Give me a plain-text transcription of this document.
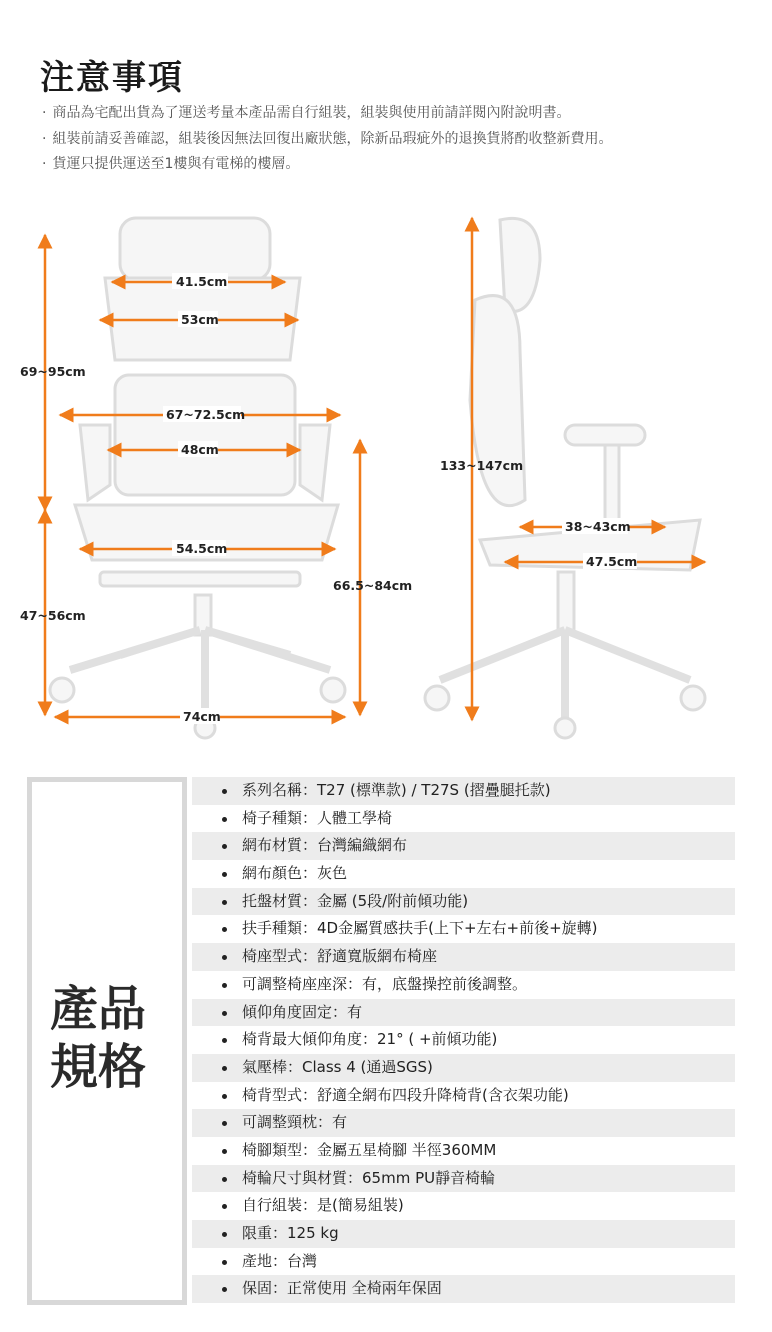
注意事項
· 商品為宅配出貨為了運送考量本產品需自行組裝，組裝與使用前請詳閱內附說明書。
· 組裝前請妥善確認，組裝後因無法回復出廠狀態，除新品瑕疵外的退換貨將酌收整新費用。
· 貨運只提供運送至1樓與有電梯的樓層。
41.5cm
53cm
69~95cm
67~72.5cm
48cm
54.5cm
47~56cm
66.5~84cm
74cm
133~147cm
38~43cm
47.5cm
產品規格
系列名稱：T27 (標準款) / T27S (摺疊腿托款)
椅子種類：人體工學椅
網布材質：台灣編織網布
網布顏色：灰色
托盤材質：金屬 (5段/附前傾功能)
扶手種類：4D金屬質感扶手(上下+左右+前後+旋轉)
椅座型式：舒適寬版網布椅座
可調整椅座座深：有，底盤操控前後調整。
傾仰角度固定：有
椅背最大傾仰角度：21° ( +前傾功能)
氣壓棒：Class 4 (通過SGS)
椅背型式：舒適全網布四段升降椅背(含衣架功能)
可調整頸枕：有
椅腳類型：金屬五星椅腳 半徑360MM
椅輪尺寸與材質：65mm PU靜音椅輪
自行組裝：是(簡易組裝)
限重：125 kg
產地：台灣
保固：正常使用 全椅兩年保固
